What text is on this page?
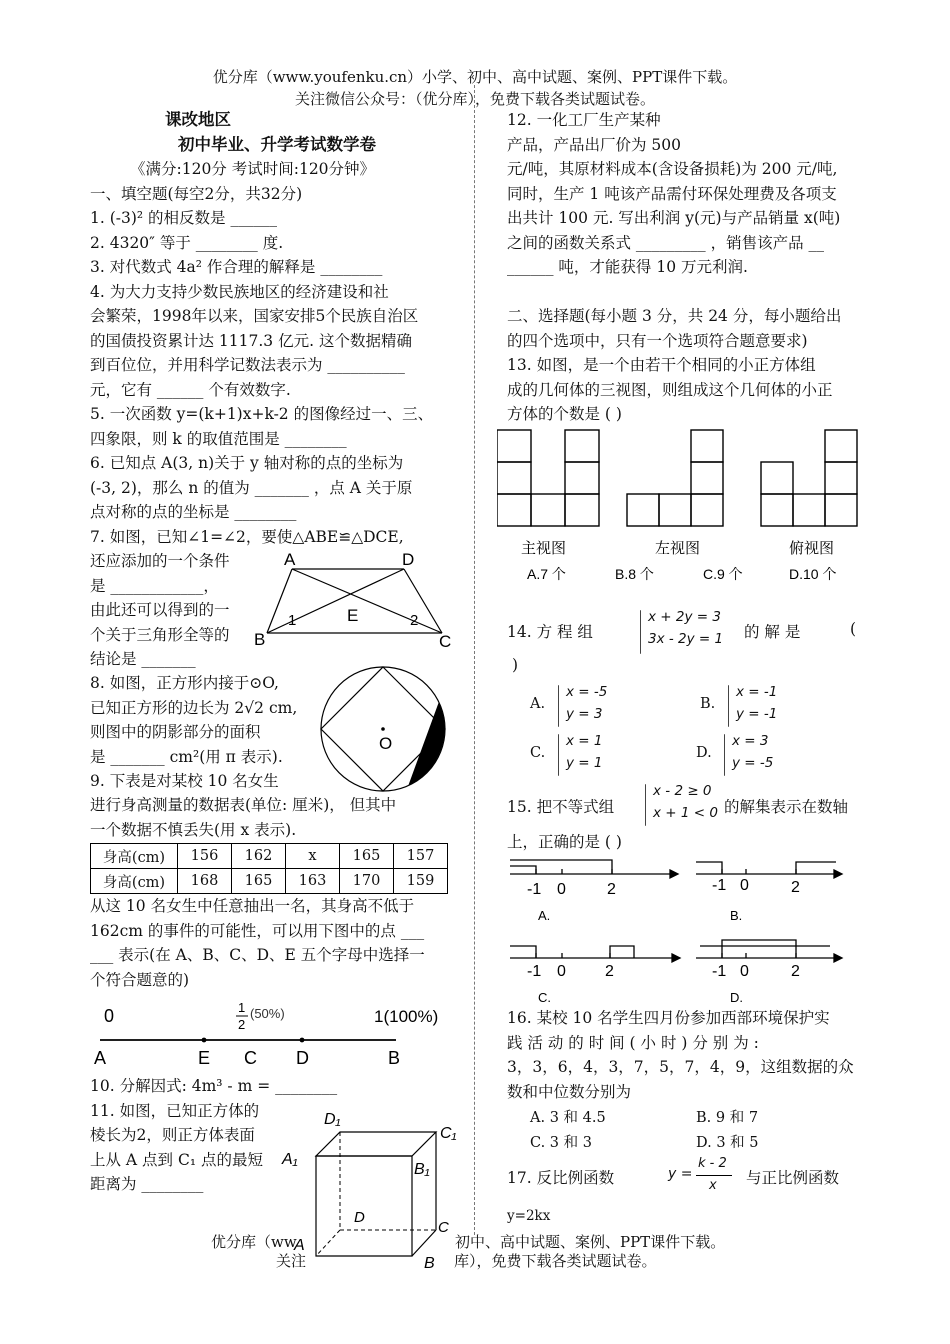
优分库（www.youfenku.cn）小学、初中、高中试题、案例、PPT课件下载。
关注微信公众号：（优分库），免费下载各类试题试卷。
课改地区
初中毕业、升学考试数学卷
《满分:120分 考试时间:120分钟》
一、填空题(每空2分，共32分)
1. (-3)² 的相反数是 ______
2. 4320″ 等于 ________ 度.
3. 对代数式 4a² 作合理的解释是 ________
4. 为大力支持少数民族地区的经济建设和社
会繁荣，1998年以来，国家安排5个民族自治区
的国债投资累计达 1117.3 亿元. 这个数据精确
到百位位，并用科学记数法表示为 __________
元，它有 ______ 个有效数字.
5. 一次函数 y=(k+1)x+k-2 的图像经过一、三、
四象限，则 k 的取值范围是 ________
6. 已知点 A(3, n)关于 y 轴对称的点的坐标为
(-3, 2)，那么 n 的值为 _______ ，点 A 关于原
点对称的点的坐标是 ________
7. 如图，已知∠1=∠2，要使△ABE≌△DCE,
还应添加的一个条件
是 ____________，
由此还可以得到的一
个关于三角形全等的
结论是 _______
A	D
B	C
E
1	2
8. 如图，正方形内接于⊙O,
已知正方形的边长为 2√2 cm,
则图中的阴影部分的面积
是 _______ cm²(用 π 表示).
9. 下表是对某校 10 名女生
O
进行身高测量的数据表(单位: 厘米)， 但其中
一个数据不慎丢失(用 x 表示).
身高(cm)	156	162	x	165	157
身高(cm)	168	165	163	170	159
从这 10 名女生中任意抽出一名，其身高不低于
162cm 的事件的可能性，可以用下图中的点 ___
___ 表示(在 A、B、C、D、E 五个字母中选择一
个符合题意的)
0	1
2
(50%)	1(100%)
A	E C D	B
10. 分解因式: 4m³ - m = ________
11. 如图，已知正方体的
棱长为2，则正方体表面
上从 A 点到 C₁ 点的最短
距离为 ________
D₁
C₁
A₁
B₁
D
C
A
B
12. 一化工厂生产某种
产品，产品出厂价为 500
元/吨，其原材料成本(含设备损耗)为 200 元/吨,
同时，生产 1 吨该产品需付环保处理费及各项支
出共计 100 元. 写出利润 y(元)与产品销量 x(吨)
之间的函数关系式 _________ ，销售该产品 __
______ 吨，才能获得 10 万元利润.
二、选择题(每小题 3 分，共 24 分，每小题给出
的四个选项中，只有一个选项符合题意要求)
13. 如图，是一个由若干个相同的小正方体组
成的几何体的三视图，则组成这个几何体的小正
方体的个数是 ( )
主视图	左视图	俯视图
A.7 个	B.8 个	C.9 个	D.10 个
14. 方 程 组
x + 2y = 3
3x - 2y = 1 的 解 是	(
)
A.
x = -5
y = 3
B.
x = -1
y = -1
C.
x = 1
y = 1
D.
x = 3
y = -5
15. 把不等式组
x - 2 ≥ 0
x + 1 < 0 的解集表示在数轴
上，正确的是 ( )
-1 0	2
A.
-1 0	2
B.
-1 0 2
C.
-1 0	2
D.
16. 某校 10 名学生四月份参加西部环境保护实
践 活 动 的 时 间 ( 小 时 ) 分 别 为 :
3，3，6，4，3，7，5，7，4，9，这组数据的众
数和中位数分别为
A. 3 和 4.5	B. 9 和 7
C. 3 和 3	D. 3 和 5
17. 反比例函数	y =
k - 2
x 与正比例函数
y=2kx
优分库（ww	初中、高中试题、案例、PPT课件下载。
关注	库），免费下载各类试题试卷。
